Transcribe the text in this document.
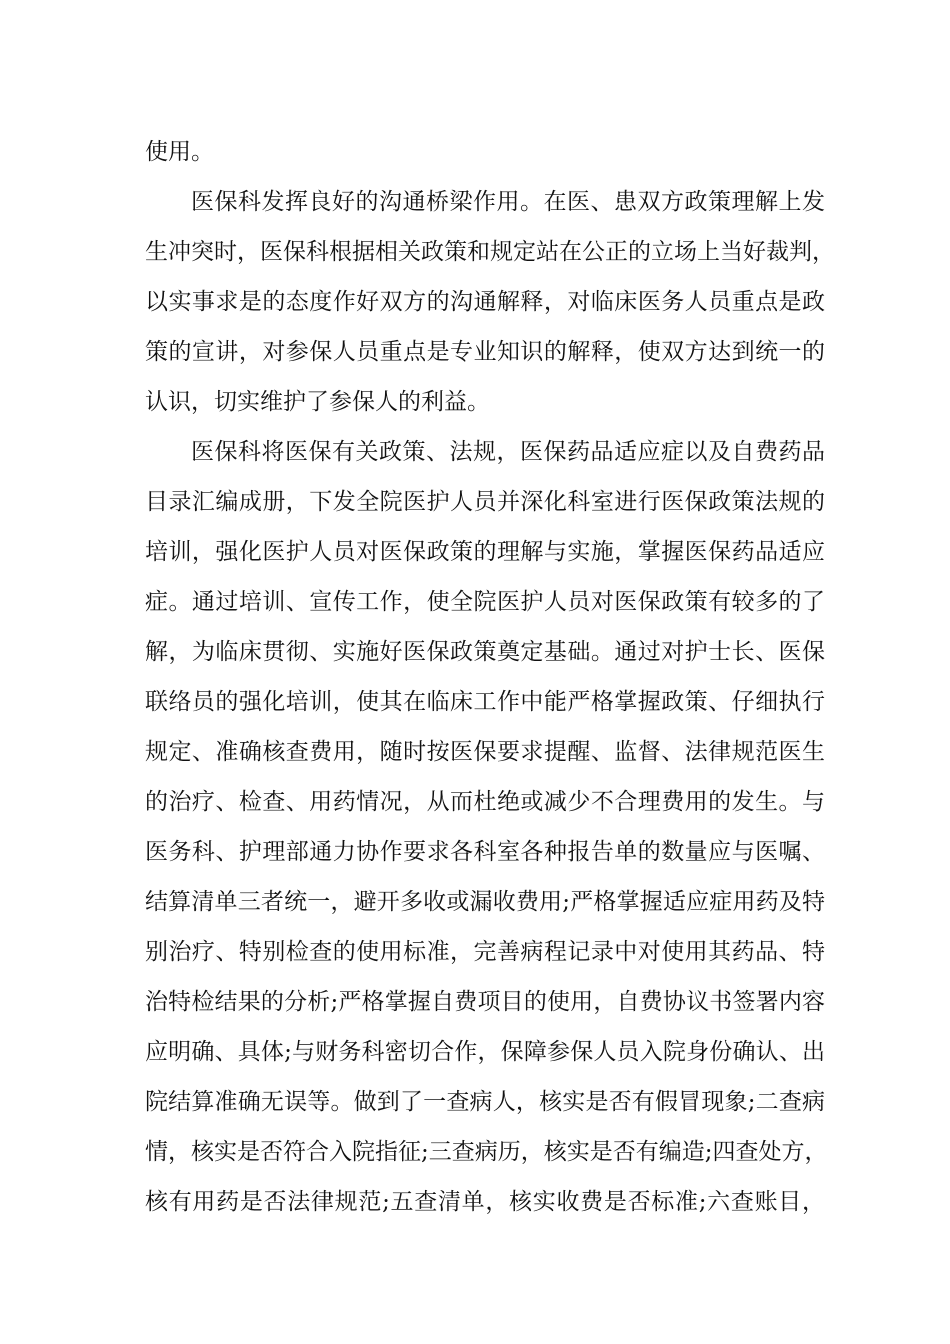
使用。
医保科发挥良好的沟通桥梁作用。在医、患双方政策理解上发
生冲突时，医保科根据相关政策和规定站在公正的立场上当好裁判，
以实事求是的态度作好双方的沟通解释，对临床医务人员重点是政
策的宣讲，对参保人员重点是专业知识的解释，使双方达到统一的
认识，切实维护了参保人的利益。
医保科将医保有关政策、法规，医保药品适应症以及自费药品
目录汇编成册，下发全院医护人员并深化科室进行医保政策法规的
培训，强化医护人员对医保政策的理解与实施，掌握医保药品适应
症。通过培训、宣传工作，使全院医护人员对医保政策有较多的了
解，为临床贯彻、实施好医保政策奠定基础。通过对护士长、医保
联络员的强化培训，使其在临床工作中能严格掌握政策、仔细执行
规定、准确核查费用，随时按医保要求提醒、监督、法律规范医生
的治疗、检查、用药情况，从而杜绝或减少不合理费用的发生。与
医务科、护理部通力协作要求各科室各种报告单的数量应与医嘱、
结算清单三者统一，避开多收或漏收费用;严格掌握适应症用药及特
别治疗、特别检查的使用标准，完善病程记录中对使用其药品、特
治特检结果的分析;严格掌握自费项目的使用，自费协议书签署内容
应明确、具体;与财务科密切合作，保障参保人员入院身份确认、出
院结算准确无误等。做到了一查病人，核实是否有假冒现象;二查病
情，核实是否符合入院指征;三查病历，核实是否有编造;四查处方，
核有用药是否法律规范;五查清单，核实收费是否标准;六查账目，
